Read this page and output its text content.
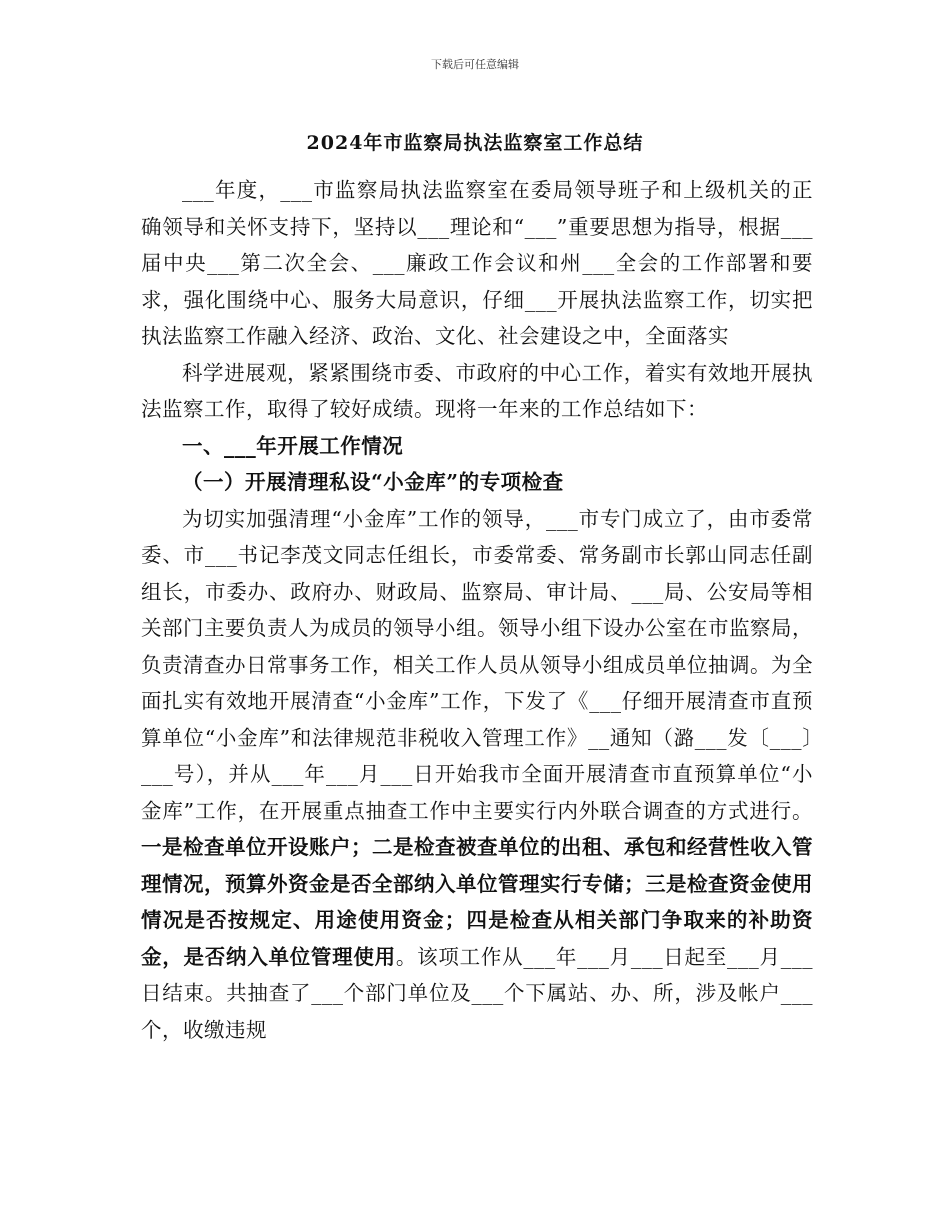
下载后可任意编辑
2024年市监察局执法监察室工作总结

___年度，___市监察局执法监察室在委局领导班子和上级机关的正确领导和关怀支持下，坚持以___理论和“___”重要思想为指导，根据___届中央___第二次全会、___廉政工作会议和州___全会的工作部署和要求，强化围绕中心、服务大局意识，仔细___开展执法监察工作，切实把执法监察工作融入经济、政治、文化、社会建设之中，全面落实

科学进展观，紧紧围绕市委、市政府的中心工作，着实有效地开展执法监察工作，取得了较好成绩。现将一年来的工作总结如下：

一、___年开展工作情况

（一）开展清理私设“小金库”的专项检查

为切实加强清理“小金库”工作的领导，___市专门成立了，由市委常委、市___书记李茂文同志任组长，市委常委、常务副市长郭山同志任副组长，市委办、政府办、财政局、监察局、审计局、___局、公安局等相关部门主要负责人为成员的领导小组。领导小组下设办公室在市监察局，负责清查办日常事务工作，相关工作人员从领导小组成员单位抽调。为全面扎实有效地开展清查“小金库”工作，下发了《___仔细开展清查市直预算单位“小金库”和法律规范非税收入管理工作》__通知（潞___发〔___〕___号），并从___年___月___日开始我市全面开展清查市直预算单位“小金库”工作，在开展重点抽查工作中主要实行内外联合调查的方式进行。一是检查单位开设账户；二是检查被查单位的出租、承包和经营性收入管理情况，预算外资金是否全部纳入单位管理实行专储；三是检查资金使用情况是否按规定、用途使用资金；四是检查从相关部门争取来的补助资金，是否纳入单位管理使用。该项工作从___年___月___日起至___月___日结束。共抽查了___个部门单位及___个下属站、办、所，涉及帐户___个，收缴违规
